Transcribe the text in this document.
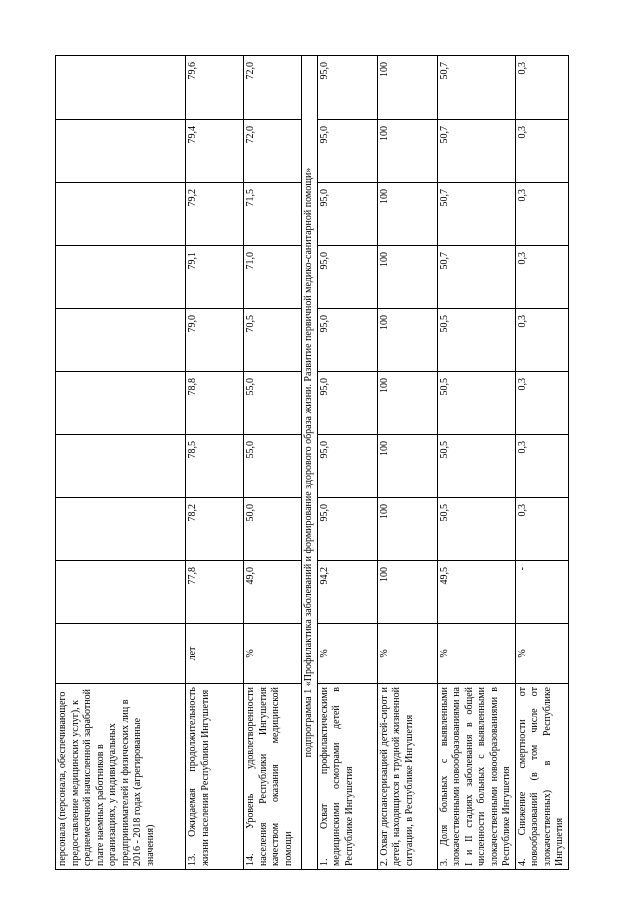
персонала (персонала, обеспечивающего предоставление медицинских услуг), к среднемесячной начисленной заработной плате наемных работников в организациях, у индивидуальных предпринимателей и физических лиц в 2016 - 2018 годах (агрегированные значения)										
13. Ожидаемая продолжительность жизни населения Республики Ингушетия	лет	77,8	78,2	78,5	78,8	79,0	79,1	79,2	79,4	79,6
14. Уровень удовлетворенности населения Республики Ингушетия качеством оказания медицинской помощи	%	49,0	50,0	55,0	55,0	70,5	71,0	71,5	72,0	72,0
подпрограмма 1 «Профилактика заболеваний и формирование здорового образа жизни. Развитие первичной медико-санитарной помощи»										
1. Охват профилактическими медицинскими осмотрами детей в Республике Ингушетия	%	94,2	95,0	95,0	95,0	95,0	95,0	95,0	95,0	95,0
2. Охват диспансеризацией детей-сирот и детей, находящихся в трудной жизненной ситуации, в Республике Ингушетия	%	100	100	100	100	100	100	100	100	100
3. Доля больных с выявленными злокачественными новообразованиями на I и II стадиях заболевания в общей численности больных с выявленными злокачественными новообразованиями в Республике Ингушетия	%	49,5	50,5	50,5	50,5	50,5	50,7	50,7	50,7	50,7
4. Снижение смертности от новообразований (в том числе от злокачественных) в Республике Ингушетия	%	-	0,3	0,3	0,3	0,3	0,3	0,3	0,3	0,3
